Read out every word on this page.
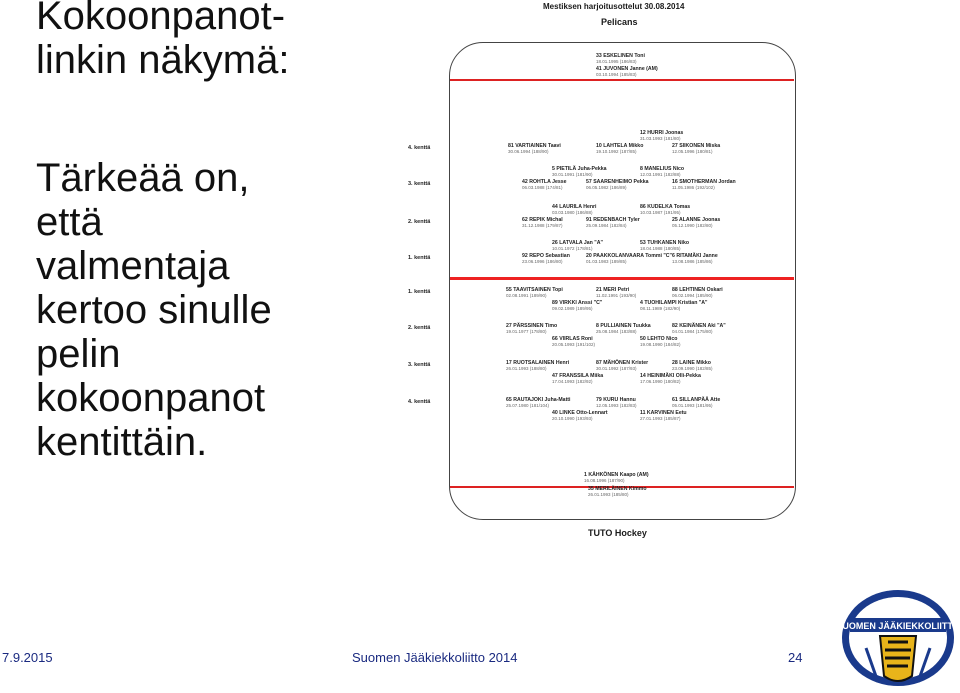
Kokoonpanot-
linkin näkymä:
Tärkeää on,
että
valmentaja
kertoo sinulle
pelin
kokoonpanot
kentittäin.
Mestiksen harjoitusottelut 30.08.2014
Pelicans
33 ESKELINEN Toni
18.01.1995 (186/83)
41 JUVONEN Janne (AM)
03.10.1994 (185/83)
4. kenttä
12 HURRI Joonas
31.03.1993 (181/80)
81 VARTIAINEN Taavi
30.06.1994 (188/90)
10 LAHTELA Mikko
19.10.1992 (187/85)
27 SIIKONEN Miska
12.05.1996 (180/81)
3. kenttä
5 PIETILÄ Juha-Pekka
30.01.1991 (181/90)
8 MANELIUS Nico
12.03.1991 (182/88)
42 ROHTLA Jesse
06.03.1988 (174/81)
57 SAARENHEIMO Pekka
06.05.1982 (186/89)
16 SMOTHERMAN Jordan
11.05.1986 (192/102)
2. kenttä
44 LAURILA Henri
03.03.1980 (186/88)
86 KUDELKA Tomas
10.03.1987 (191/95)
62 REPIK Michal
31.12.1988 (179/87)
91 REDENBACH Tyler
25.09.1984 (182/84)
25 ALANNE Joonas
05.12.1990 (182/80)
1. kenttä
26 LATVALA Jan "A"
10.01.1972 (178/81)
53 TUHKANEN Niko
18.04.1988 (180/85)
92 REPO Sebastian
23.06.1996 (186/80)
20 PAAKKOLANVAARA Tommi "C"
01.03.1983 (189/85)
6 RITAMÄKI Janne
13.08.1986 (185/86)
1. kenttä	55 TAAVITSAINEN Topi
02.08.1991 (189/90)
21 MERI Petri
11.02.1991 (193/90)
88 LEHTINEN Oskari
06.02.1994 (185/90)
89 VIRKKI Anssi "C"
09.02.1989 (189/95)
4 TUOHILAMPI Kristian "A"
08.11.1989 (182/90)
2. kenttä	27 PÄRSSINEN Timo
19.01.1977 (178/80)
8 PULLIAINEN Tuukka
25.08.1984 (183/88)
82 KEINÄNEN Aki "A"
04.01.1984 (175/80)
66 VIIRLAS Roni
20.05.1993 (191/102)
50 LEHTO Nico
19.08.1990 (184/82)
3. kenttä	17 RUOTSALAINEN Henri
26.01.1993 (188/80)
87 MÄHÖNEN Krister
30.01.1992 (187/93)
28 LAINE Mikko
23.09.1990 (182/85)
47 FRANSSILA Miika
17.04.1993 (182/92)
14 HEINIMÄKI Olli-Pekka
17.06.1990 (180/82)
4. kenttä	65 RAUTAJOKI Juha-Matti
25.07.1980 (181/104)
79 KURU Hannu
12.05.1993 (182/83)
61 SILLANPÄÄ Atte
05.01.1993 (181/95)
40 LINKE Otto-Lennart
20.10.1990 (193/93)
11 KARVINEN Eetu
27.01.1993 (185/87)
1 KÄHKÖNEN Kaapo (AM)
16.08.1996 (187/90)
35 MERILÄINEN Kimmo
26.01.1993 (185/80)
TUTO Hockey
7.9.2015	Suomen Jääkiekkoliitto 2014	24
SUOMEN JÄÄKIEKKOLIITTO
